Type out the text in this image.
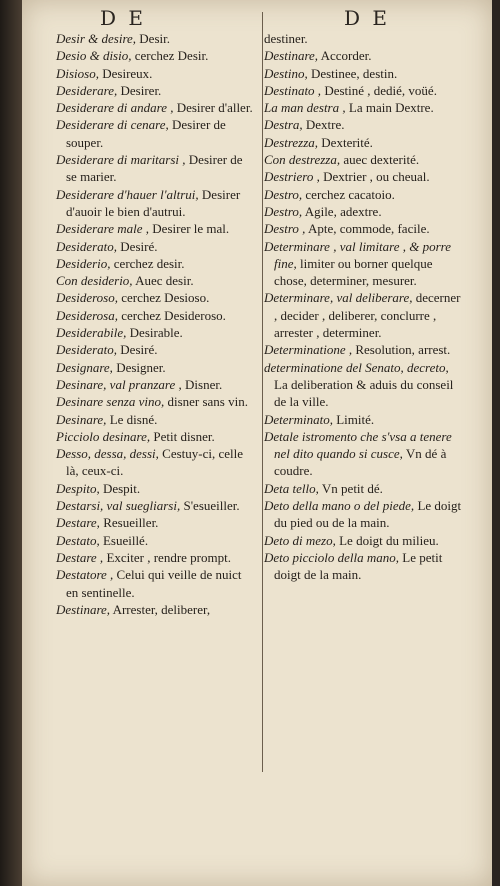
D E	D E

Desir & desire, Desir.

Desio & disio, cerchez Desir.

Disioso, Desireux.

Desiderare, Desirer.

Desiderare di andare , Desirer d'aller.

Desiderare di cenare, Desirer de souper.

Desiderare di maritarsi , Desirer de se marier.

Desiderare d'hauer l'altrui, Desirer d'auoir le bien d'autrui.

Desiderare male , Desirer le mal.

Desiderato, Desiré.

Desiderio, cerchez desir.

Con desiderio, Auec desir.

Desideroso, cerchez Desioso.

Desiderosa, cerchez Desideroso.

Desiderabile, Desirable.

Desiderato, Desiré.

Designare, Designer.

Desinare, val pranzare , Disner.

Desinare senza vino, disner sans vin.

Desinare, Le disné.

Picciolo desinare, Petit disner.

Desso, dessa, dessi, Cestuy-ci, celle là, ceux-ci.

Despito, Despit.

Destarsi, val suegliarsi, S'esueiller.

Destare, Resueiller.

Destato, Esueillé.

Destare , Exciter , rendre prompt.

Destatore , Celui qui veille de nuict en sentinelle.

Destinare, Arrester, deliberer,

destiner.

Destinare, Accorder.

Destino, Destinee, destin.

Destinato , Destiné , dedié, voüé.

La man destra , La main Dextre.

Destra, Dextre.

Destrezza, Dexterité.

Con destrezza, auec dexterité.

Destriero , Dextrier , ou cheual.

Destro, cerchez cacatoio.

Destro, Agile, adextre.

Destro , Apte, commode, facile.

Determinare , val limitare , & porre fine, limiter ou borner quelque chose, determiner, mesurer.

Determinare, val deliberare, decerner , decider , deliberer, conclurre , arrester , determiner.

Determinatione , Resolution, arrest.

determinatione del Senato, decreto, La deliberation & aduis du conseil de la ville.

Determinato, Limité.

Detale istromento che s'vsa a tenere nel dito quando si cusce, Vn dé à coudre.

Deta tello, Vn petit dé.

Deto della mano o del piede, Le doigt du pied ou de la main.

Deto di mezo, Le doigt du milieu.

Deto picciolo della mano, Le petit doigt de la main.
